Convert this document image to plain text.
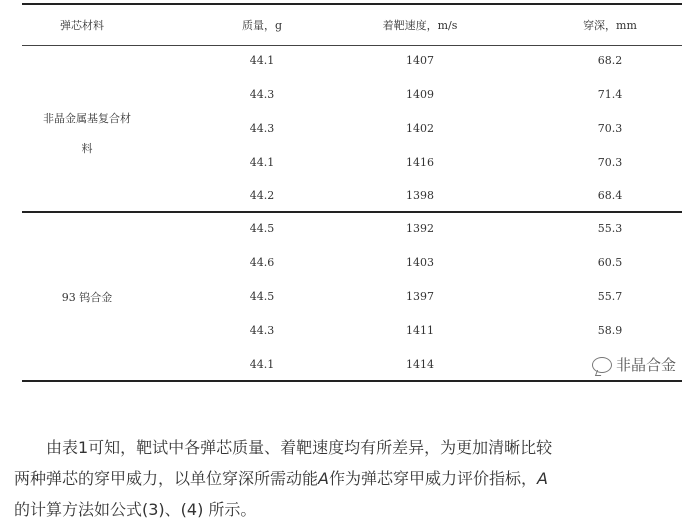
弹芯材料	质量，g	着靶速度，m/s	穿深，mm
非晶金属基复合材
料
44.1	1407	68.2
44.3	1409	71.4
44.3	1402	70.3
44.1	1416	70.3
44.2	1398	68.4
93 钨合金
44.5	1392	55.3
44.6	1403	60.5
44.5	1397	55.7
44.3	1411	58.9
44.1	1414	非晶合金

由表1可知，靶试中各弹芯质量、着靶速度均有所差异，为更加清晰比较

两种弹芯的穿甲威力，以单位穿深所需动能A作为弹芯穿甲威力评价指标，A

的计算方法如公式(3)、(4) 所示。
